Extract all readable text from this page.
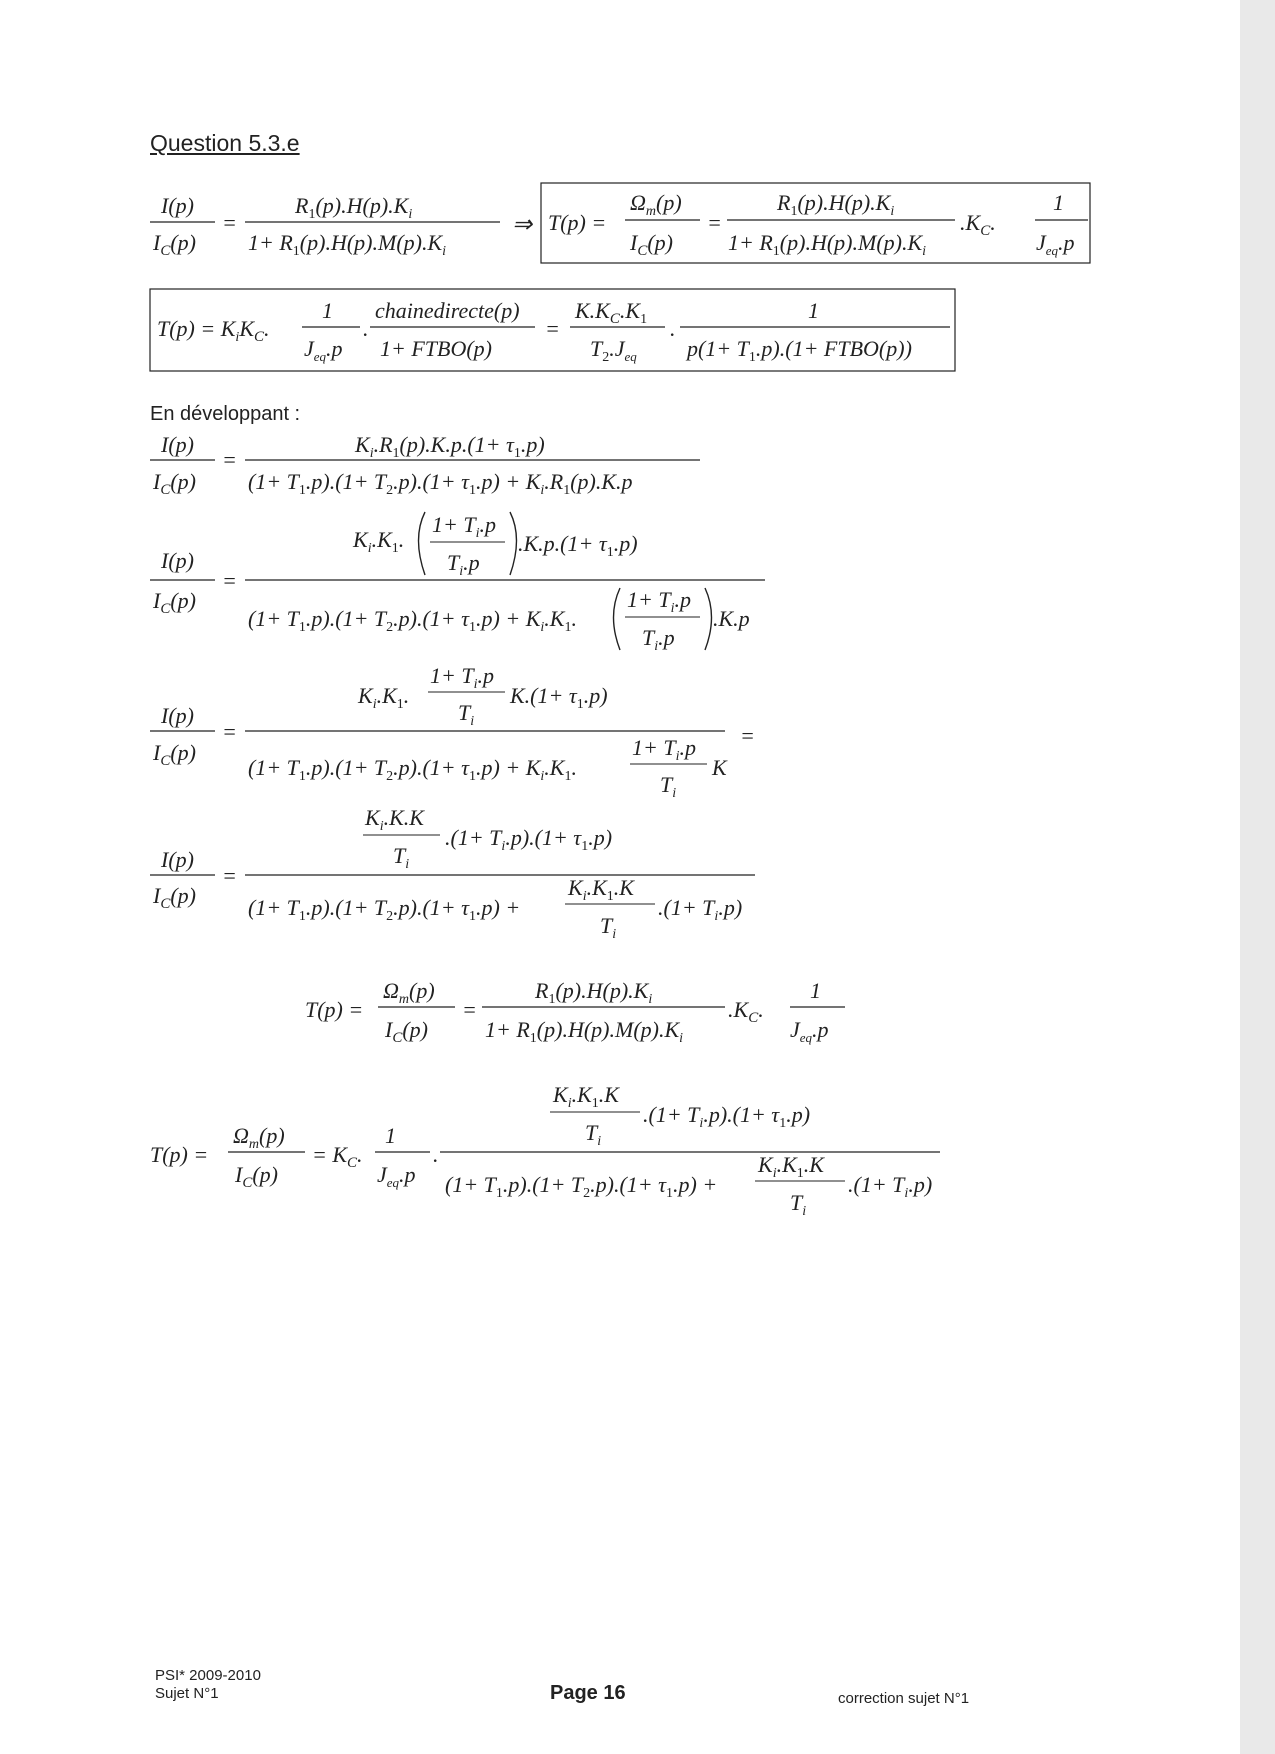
Question 5.3.e
En développant :
I(p)
$I_C(p)$
=
$R_1(p).H(p).K_i$
$1+ R_1(p).H(p).M(p).K_i$
⇒ T(p) =
$\Omega_m(p)$
$I_C(p)$
=
$R_1(p).H(p).K_i$
$1+ R_1(p).H(p).M(p).K_i$
$.K_C$.
1
$J_{eq}.p$
$T(p) = K_iK_C$.
1
$J_{eq}.p$
.
chainedirecte(p)
1+ FTBO(p)
=
$K.K_C.K_1$
$T_2.J_{eq}$
.
1
$p(1+ T_1.p).(1+$ FTBO(p))
I(p)
$I_C(p)$
=
$K_i.R_1(p).K.p.(1+ \tau_1.p)$
$(1+ T_1.p).(1+ T_2.p).(1+ \tau_1.p) + K_i.R_1(p).K.p$
I(p)
$I_C(p)$
=
$K_i.K_1$.
$1+ T_i.p$
$T_i.p$
$.K.p.(1+ \tau_1.p)$
$(1+ T_1.p).(1+ T_2.p).(1+ \tau_1.p) + K_i.K_1$.
$1+ T_i.p$
$T_i.p$
.K.p
I(p)
$I_C(p)$
=
$K_i.K_1$.
$1+ T_i.p$
$T_i$
$K.(1+ \tau_1.p)$
$(1+ T_1.p).(1+ T_2.p).(1+ \tau_1.p) + K_i.K_1$.
$1+ T_i.p$
$T_i$
K
=
I(p)
$I_C(p)$
=
$K_i.K.K$
$T_i$
$.(1+ T_i.p).(1+ \tau_1.p)$
$(1+ T_1.p).(1+ T_2.p).(1+ \tau_1.p)$ +
$K_i.K_1.K$
$T_i$
$.(1+ T_i.p)$
T(p) =
$\Omega_m(p)$
$I_C(p)$
=
$R_1(p).H(p).K_i$
$1+ R_1(p).H(p).M(p).K_i$
$.K_C$.
1
$J_{eq}.p$
T(p) =
$\Omega_m(p)$
$I_C(p)$
= $K_C$.
1
$J_{eq}.p$
.
$K_i.K_1.K$
$T_i$
$.(1+ T_i.p).(1+ \tau_1.p)$
$(1+ T_1.p).(1+ T_2.p).(1+ \tau_1.p)$ +
$K_i.K_1.K$
$T_i$
$.(1+ T_i.p)$
PSI* 2009-2010
Sujet N°1	Page 16	correction sujet N°1
